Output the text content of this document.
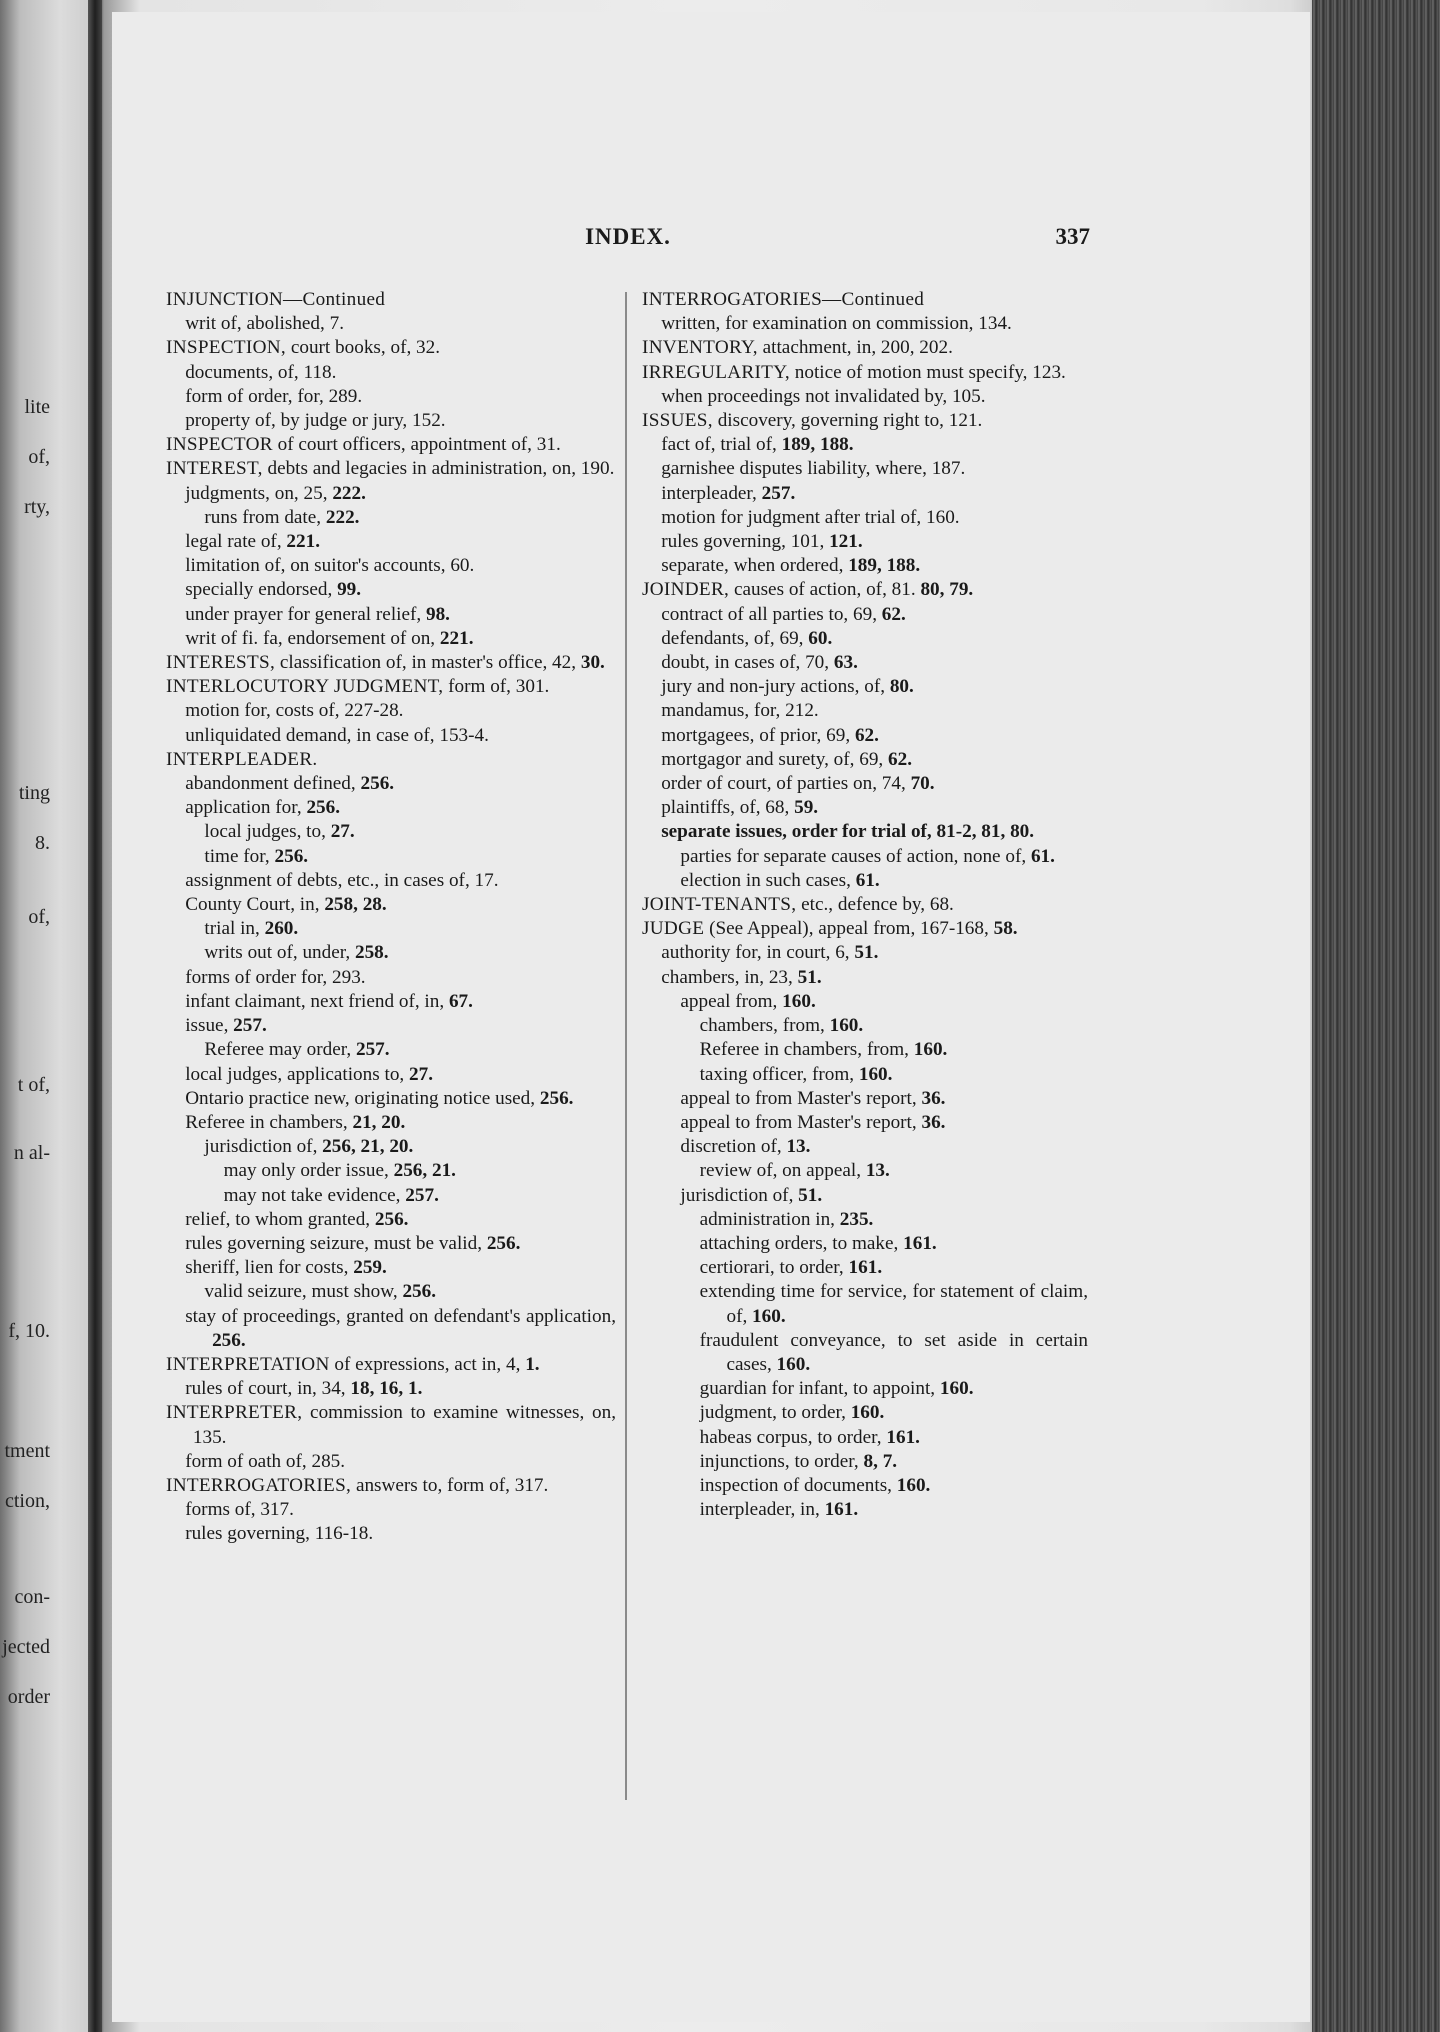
lite
of,
rty,
ting
8.
of,
t of,
n al-
f, 10.
tment
ction,
con-
jected
order
INDEX.	337
INJUNCTION—Continued
writ of, abolished, 7.
INSPECTION, court books, of, 32.
documents, of, 118.
form of order, for, 289.
property of, by judge or jury, 152.
INSPECTOR of court officers, appointment of, 31.
INTEREST, debts and legacies in administration, on, 190.
judgments, on, 25, 222.
runs from date, 222.
legal rate of, 221.
limitation of, on suitor's accounts, 60.
specially endorsed, 99.
under prayer for general relief, 98.
writ of fi. fa, endorsement of on, 221.
INTERESTS, classification of, in master's office, 42, 30.
INTERLOCUTORY JUDGMENT, form of, 301.
motion for, costs of, 227-28.
unliquidated demand, in case of, 153-4.
INTERPLEADER.
abandonment defined, 256.
application for, 256.
local judges, to, 27.
time for, 256.
assignment of debts, etc., in cases of, 17.
County Court, in, 258, 28.
trial in, 260.
writs out of, under, 258.
forms of order for, 293.
infant claimant, next friend of, in, 67.
issue, 257.
Referee may order, 257.
local judges, applications to, 27.
Ontario practice new, originating notice used, 256.
Referee in chambers, 21, 20.
jurisdiction of, 256, 21, 20.
may only order issue, 256, 21.
may not take evidence, 257.
relief, to whom granted, 256.
rules governing seizure, must be valid, 256.
sheriff, lien for costs, 259.
valid seizure, must show, 256.
stay of proceedings, granted on defendant's application, 256.
INTERPRETATION of expressions, act in, 4, 1.
rules of court, in, 34, 18, 16, 1.
INTERPRETER, commission to examine witnesses, on, 135.
form of oath of, 285.
INTERROGATORIES, answers to, form of, 317.
forms of, 317.
rules governing, 116-18.
INTERROGATORIES—Continued
written, for examination on commission, 134.
INVENTORY, attachment, in, 200, 202.
IRREGULARITY, notice of motion must specify, 123.
when proceedings not invalidated by, 105.
ISSUES, discovery, governing right to, 121.
fact of, trial of, 189, 188.
garnishee disputes liability, where, 187.
interpleader, 257.
motion for judgment after trial of, 160.
rules governing, 101, 121.
separate, when ordered, 189, 188.
JOINDER, causes of action, of, 81. 80, 79.
contract of all parties to, 69, 62.
defendants, of, 69, 60.
doubt, in cases of, 70, 63.
jury and non-jury actions, of, 80.
mandamus, for, 212.
mortgagees, of prior, 69, 62.
mortgagor and surety, of, 69, 62.
order of court, of parties on, 74, 70.
plaintiffs, of, 68, 59.
separate issues, order for trial of, 81-2, 81, 80.
parties for separate causes of action, none of, 61.
election in such cases, 61.
JOINT-TENANTS, etc., defence by, 68.
JUDGE (See Appeal), appeal from, 167-168, 58.
authority for, in court, 6, 51.
chambers, in, 23, 51.
appeal from, 160.
chambers, from, 160.
Referee in chambers, from, 160.
taxing officer, from, 160.
appeal to from Master's report, 36.
appeal to from Master's report, 36.
discretion of, 13.
review of, on appeal, 13.
jurisdiction of, 51.
administration in, 235.
attaching orders, to make, 161.
certiorari, to order, 161.
extending time for service, for statement of claim, of, 160.
fraudulent conveyance, to set aside in certain cases, 160.
guardian for infant, to appoint, 160.
judgment, to order, 160.
habeas corpus, to order, 161.
injunctions, to order, 8, 7.
inspection of documents, 160.
interpleader, in, 161.
